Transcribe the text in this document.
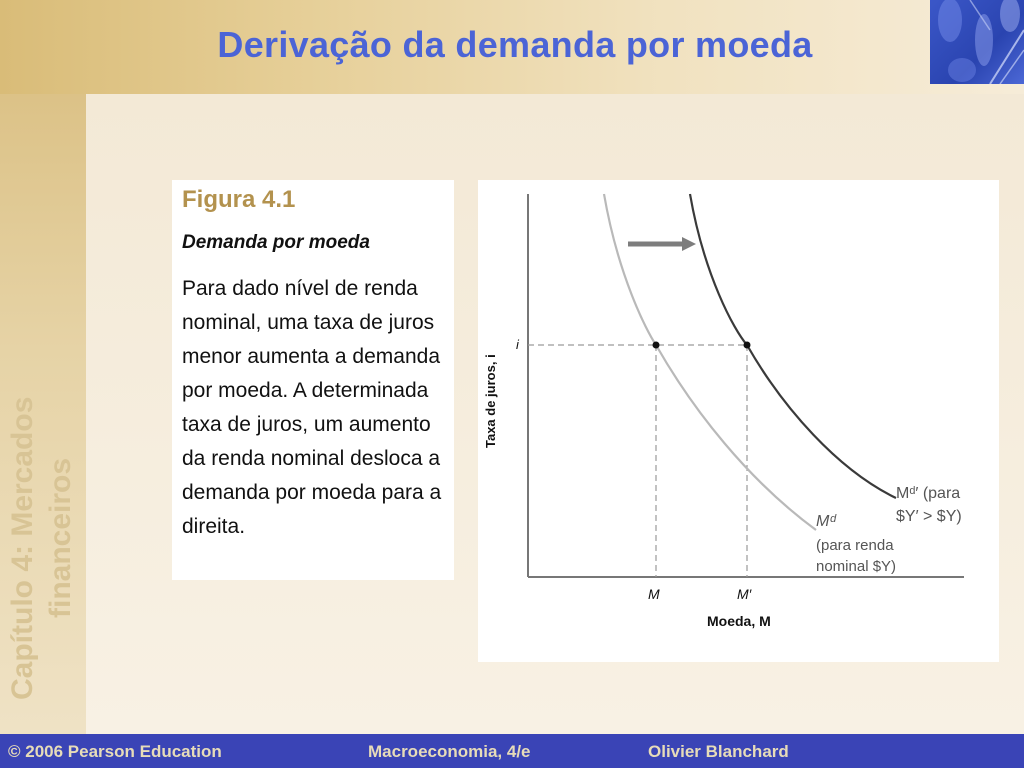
Derivação da demanda por moeda
Capítulo 4: Mercados financeiros

Figura 4.1

Demanda por moeda

Para dado nível de renda nominal, uma taxa de juros menor aumenta a demanda por moeda. A determinada taxa de juros, um aumento da renda nominal desloca a demanda por moeda para a direita.

Taxa de juros, i
i
M	M′
Moeda, M
Mᵈ
(para renda
nominal $Y)
Mᵈ′ (para
$Y′ > $Y)
© 2006 Pearson Education	Macroeconomia, 4/e	Olivier Blanchard
